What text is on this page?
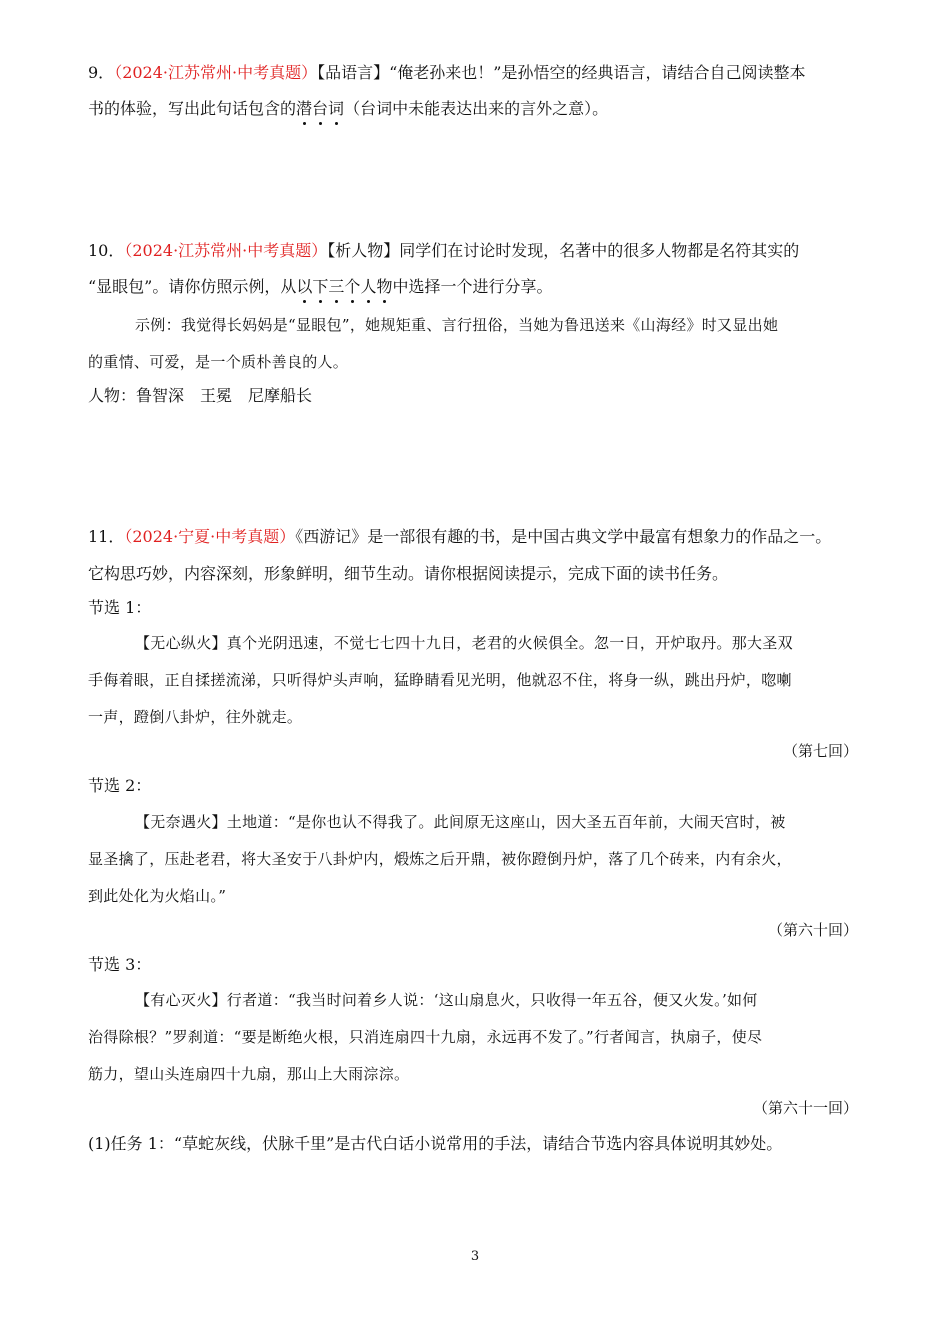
9．（2024·江苏常州·中考真题）【品语言】“俺老孙来也！”是孙悟空的经典语言，请结合自己阅读整本
书的体验，写出此句话包含的潜台词（台词中未能表达出来的言外之意）。
10．（2024·江苏常州·中考真题）【析人物】同学们在讨论时发现，名著中的很多人物都是名符其实的
“显眼包”。请你仿照示例，从以下三个人物中选择一个进行分享。
示例：我觉得长妈妈是“显眼包”，她规矩重、言行扭俗，当她为鲁迅送来《山海经》时又显出她
的重情、可爱，是一个质朴善良的人。
人物：鲁智深　王冕　尼摩船长
11．（2024·宁夏·中考真题）《西游记》是一部很有趣的书，是中国古典文学中最富有想象力的作品之一。
它构思巧妙，内容深刻，形象鲜明，细节生动。请你根据阅读提示，完成下面的读书任务。
节选 1：
【无心纵火】真个光阴迅速，不觉七七四十九日，老君的火候俱全。忽一日，开炉取丹。那大圣双
手侮着眼，正自揉搓流涕，只听得炉头声响，猛睁睛看见光明，他就忍不住，将身一纵，跳出丹炉，唿喇
一声，蹬倒八卦炉，往外就走。
（第七回）
节选 2：
【无奈遇火】土地道：“是你也认不得我了。此间原无这座山，因大圣五百年前，大闹天宫时，被
显圣擒了，压赴老君，将大圣安于八卦炉内，煅炼之后开鼎，被你蹬倒丹炉，落了几个砖来，内有余火，
到此处化为火焰山。”
（第六十回）
节选 3：
【有心灭火】行者道：“我当时问着乡人说：‘这山扇息火，只收得一年五谷，便又火发。’如何
治得除根？”罗刹道：“要是断绝火根，只消连扇四十九扇，永远再不发了。”行者闻言，执扇子，使尽
筋力，望山头连扇四十九扇，那山上大雨淙淙。
（第六十一回）
(1)任务 1：“草蛇灰线，伏脉千里”是古代白话小说常用的手法，请结合节选内容具体说明其妙处。
3
